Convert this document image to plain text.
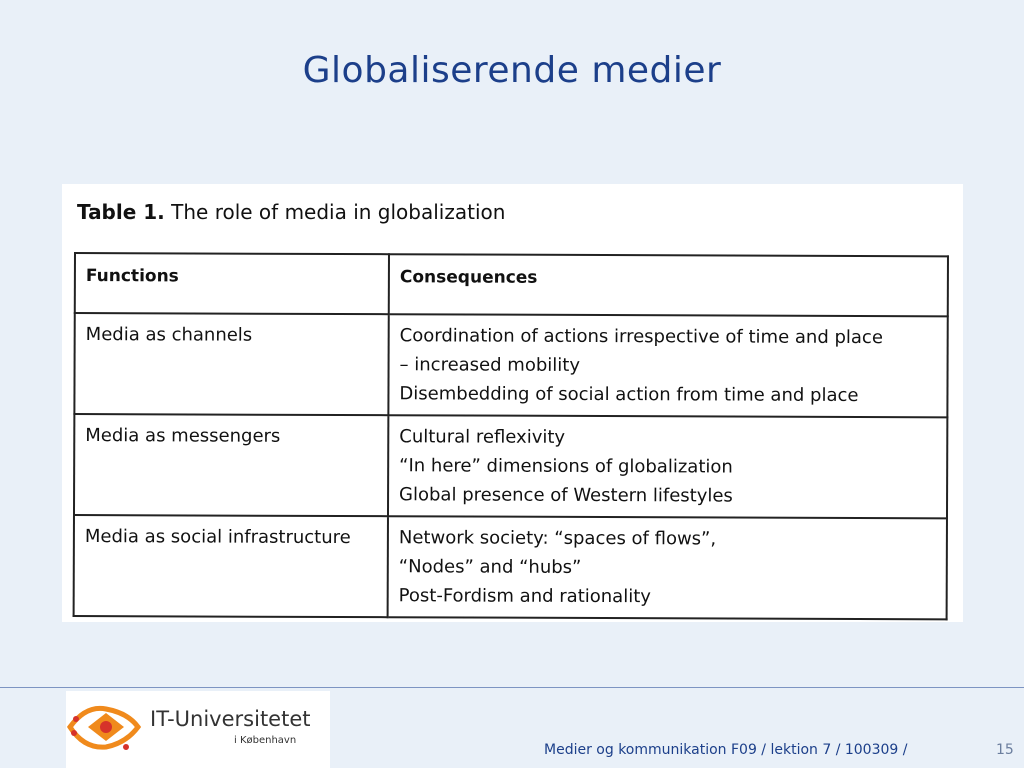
Globaliserende medier
Table 1. The role of media in globalization
Functions	Consequences
Media as channels	Coordination of actions irrespective of time and place
– increased mobility
Disembedding of social action from time and place

Media as messengers	Cultural reflexivity
“In here” dimensions of globalization
Global presence of Western lifestyles

Media as social infrastructure	Network society: “spaces of flows”,
“Nodes” and “hubs”
Post-Fordism and rationality
IT-Universitetet
i København
Medier og kommunikation F09 / lektion 7 / 100309 /	15
